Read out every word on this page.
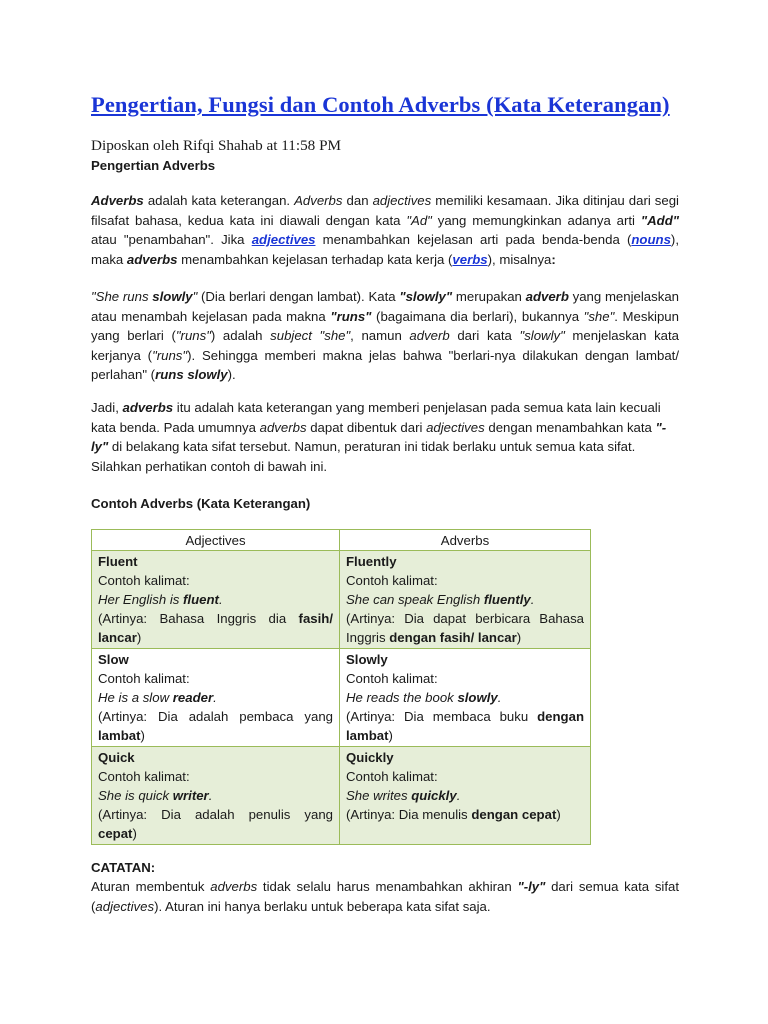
Pengertian, Fungsi dan Contoh Adverbs (Kata Keterangan)
Diposkan oleh Rifqi Shahab at 11:58 PM
Pengertian Adverbs
Adverbs adalah kata keterangan. Adverbs dan adjectives memiliki kesamaan. Jika ditinjau dari segi filsafat bahasa, kedua kata ini diawali dengan kata "Ad" yang memungkinkan adanya arti "Add" atau "penambahan". Jika adjectives menambahkan kejelasan arti pada benda-benda (nouns), maka adverbs menambahkan kejelasan terhadap kata kerja (verbs), misalnya:
"She runs slowly" (Dia berlari dengan lambat). Kata "slowly" merupakan adverb yang menjelaskan atau menambah kejelasan pada makna "runs" (bagaimana dia berlari), bukannya "she". Meskipun yang berlari ("runs") adalah subject "she", namun adverb dari kata "slowly" menjelaskan kata kerjanya ("runs"). Sehingga memberi makna jelas bahwa "berlari-nya dilakukan dengan lambat/ perlahan" (runs slowly).
Jadi, adverbs itu adalah kata keterangan yang memberi penjelasan pada semua kata lain kecuali kata benda. Pada umumnya adverbs dapat dibentuk dari adjectives dengan menambahkan kata "-ly" di belakang kata sifat tersebut. Namun, peraturan ini tidak berlaku untuk semua kata sifat. Silahkan perhatikan contoh di bawah ini.
Contoh Adverbs (Kata Keterangan)
Adjectives	Adverbs

Fluent
Contoh kalimat:
Her English is fluent.
(Artinya: Bahasa Inggris dia fasih/
lancar)	Fluently
Contoh kalimat:
She can speak English fluently.
(Artinya: Dia dapat berbicara Bahasa
Inggris dengan fasih/ lancar)

Slow
Contoh kalimat:
He is a slow reader.
(Artinya: Dia adalah pembaca yang
lambat)	Slowly
Contoh kalimat:
He reads the book slowly.
(Artinya: Dia membaca buku dengan
lambat)

Quick
Contoh kalimat:
She is quick writer.
(Artinya: Dia adalah penulis yang
cepat)	Quickly
Contoh kalimat:
She writes quickly.
(Artinya: Dia menulis dengan cepat)
CATATAN:
Aturan membentuk adverbs tidak selalu harus menambahkan akhiran "-ly" dari semua kata sifat (adjectives). Aturan ini hanya berlaku untuk beberapa kata sifat saja.
